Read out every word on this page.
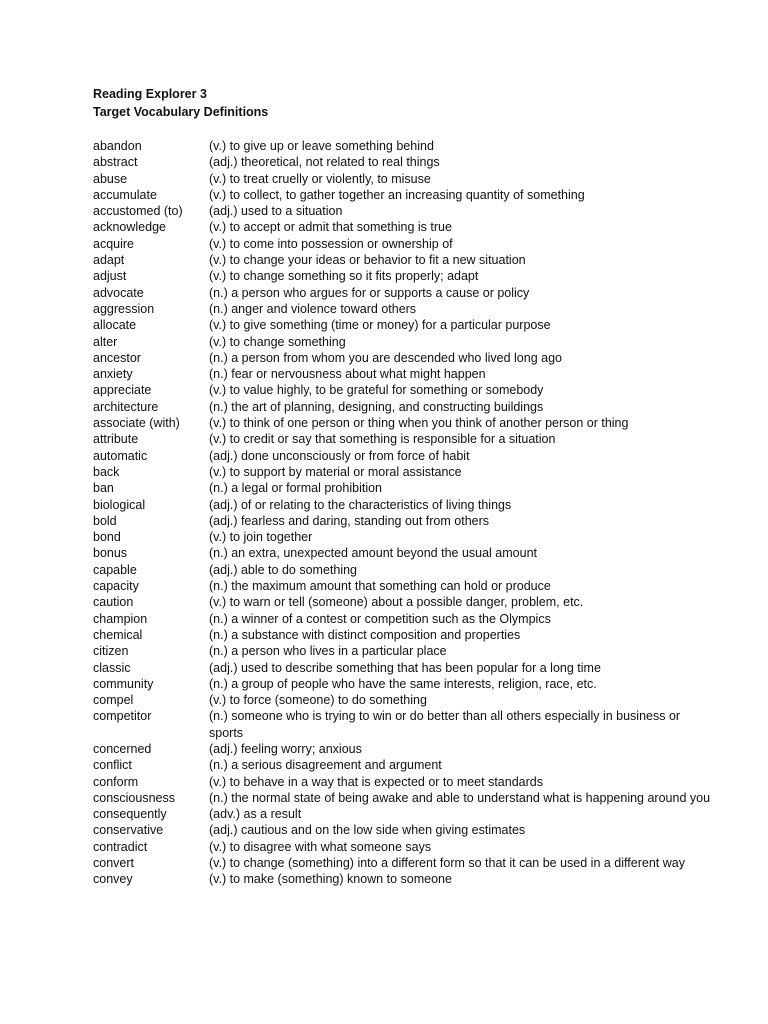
Reading Explorer 3

Target Vocabulary Definitions

abandon	(v.) to give up or leave something behind
abstract	(adj.) theoretical, not related to real things
abuse	(v.) to treat cruelly or violently, to misuse
accumulate	(v.) to collect, to gather together an increasing quantity of something
accustomed (to)	(adj.) used to a situation
acknowledge	(v.) to accept or admit that something is true
acquire	(v.) to come into possession or ownership of
adapt	(v.) to change your ideas or behavior to fit a new situation
adjust	(v.) to change something so it fits properly; adapt
advocate	(n.) a person who argues for or supports a cause or policy
aggression	(n.) anger and violence toward others
allocate	(v.) to give something (time or money) for a particular purpose
alter	(v.) to change something
ancestor	(n.) a person from whom you are descended who lived long ago
anxiety	(n.) fear or nervousness about what might happen
appreciate	(v.) to value highly, to be grateful for something or somebody
architecture	(n.) the art of planning, designing, and constructing buildings
associate (with)	(v.) to think of one person or thing when you think of another person or thing
attribute	(v.) to credit or say that something is responsible for a situation
automatic	(adj.) done unconsciously or from force of habit
back	(v.) to support by material or moral assistance
ban	(n.) a legal or formal prohibition
biological	(adj.) of or relating to the characteristics of living things
bold	(adj.) fearless and daring, standing out from others
bond	(v.) to join together
bonus	(n.) an extra, unexpected amount beyond the usual amount
capable	(adj.) able to do something
capacity	(n.) the maximum amount that something can hold or produce
caution	(v.) to warn or tell (someone) about a possible danger, problem, etc.
champion	(n.) a winner of a contest or competition such as the Olympics
chemical	(n.) a substance with distinct composition and properties
citizen	(n.) a person who lives in a particular place
classic	(adj.) used to describe something that has been popular for a long time
community	(n.) a group of people who have the same interests, religion, race, etc.
compel	(v.) to force (someone) to do something
competitor	(n.) someone who is trying to win or do better than all others especially in business or sports
concerned	(adj.) feeling worry; anxious
conflict	(n.) a serious disagreement and argument
conform	(v.) to behave in a way that is expected or to meet standards
consciousness	(n.) the normal state of being awake and able to understand what is happening around you
consequently	(adv.) as a result
conservative	(adj.) cautious and on the low side when giving estimates
contradict	(v.) to disagree with what someone says
convert	(v.) to change (something) into a different form so that it can be used in a different way
convey	(v.) to make (something) known to someone
